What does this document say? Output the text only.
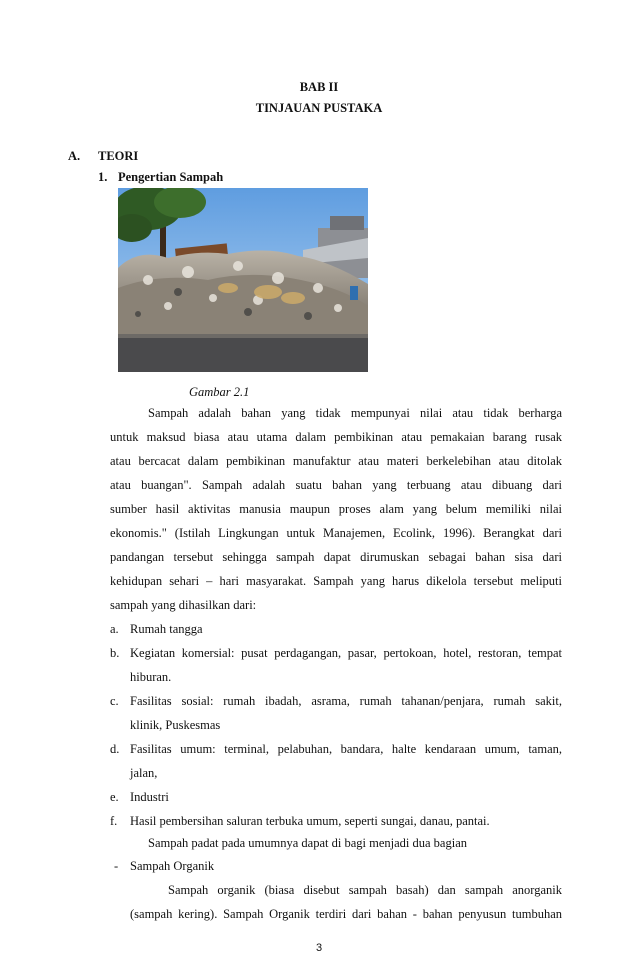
BAB II
TINJAUAN PUSTAKA
A. TEORI
1. Pengertian Sampah
Gambar 2.1
Sampah adalah bahan yang tidak mempunyai nilai atau tidak berharga
untuk maksud biasa atau utama dalam pembikinan atau pemakaian barang rusak
atau bercacat dalam pembikinan manufaktur atau materi berkelebihan atau ditolak
atau buangan". Sampah adalah suatu bahan yang terbuang atau dibuang dari
sumber hasil aktivitas manusia maupun proses alam yang belum memiliki nilai
ekonomis." (Istilah Lingkungan untuk Manajemen, Ecolink, 1996). Berangkat dari
pandangan tersebut sehingga sampah dapat dirumuskan sebagai bahan sisa dari
kehidupan sehari – hari masyarakat. Sampah yang harus dikelola tersebut meliputi
sampah yang dihasilkan dari:
a. Rumah tangga
b. Kegiatan komersial: pusat perdagangan, pasar, pertokoan, hotel, restoran, tempat
hiburan.
c. Fasilitas sosial: rumah ibadah, asrama, rumah tahanan/penjara, rumah sakit,
klinik, Puskesmas
d. Fasilitas umum: terminal, pelabuhan, bandara, halte kendaraan umum, taman,
jalan,
e. Industri
f. Hasil pembersihan saluran terbuka umum, seperti sungai, danau, pantai.
Sampah padat pada umumnya dapat di bagi menjadi dua bagian
- Sampah Organik
Sampah organik (biasa disebut sampah basah) dan sampah anorganik
(sampah kering). Sampah Organik terdiri dari bahan - bahan penyusun tumbuhan
3
